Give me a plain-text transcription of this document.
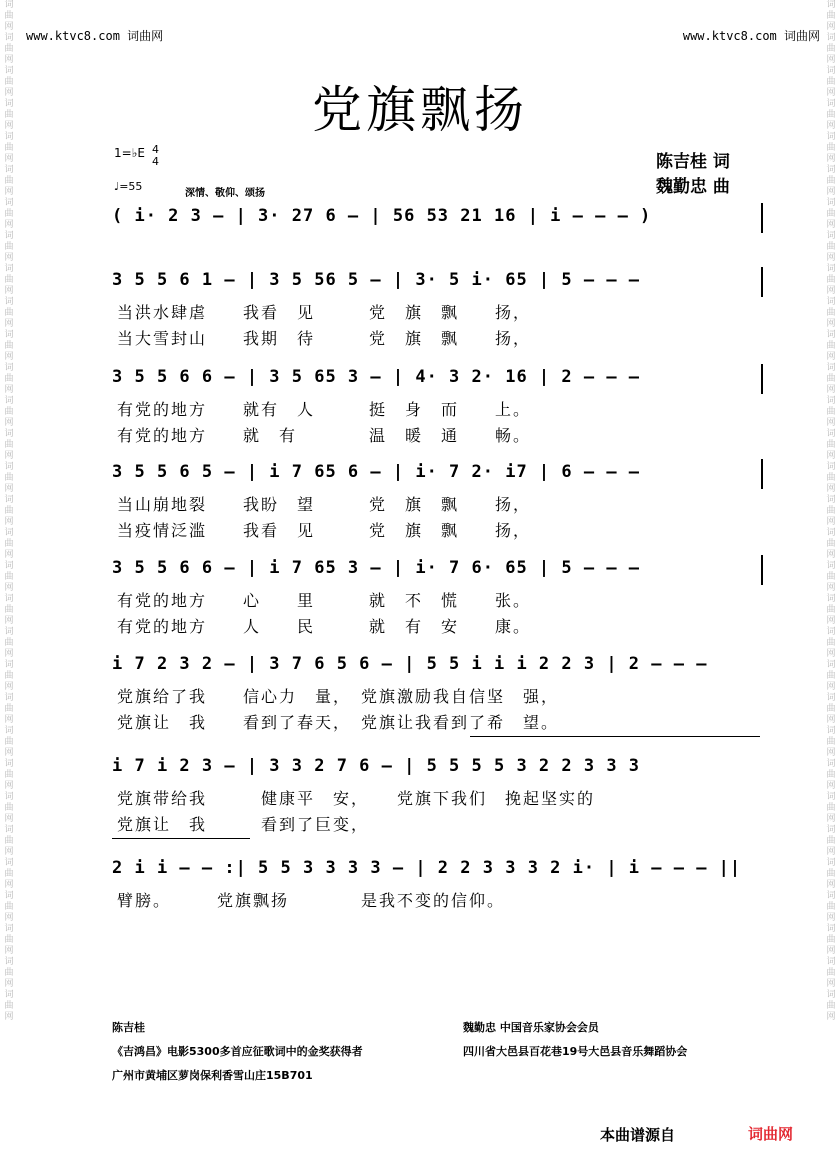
词曲网词曲网词曲网词曲网词曲网词曲网词曲网词曲网词曲网词曲网词曲网词曲网词曲网词曲网词曲网词曲网词曲网词曲网词曲网词曲网词曲网词曲网词曲网词曲网词曲网词曲网词曲网词曲网词曲网词曲网词曲网
词曲网词曲网词曲网词曲网词曲网词曲网词曲网词曲网词曲网词曲网词曲网词曲网词曲网词曲网词曲网词曲网词曲网词曲网词曲网词曲网词曲网词曲网词曲网词曲网词曲网词曲网词曲网词曲网词曲网词曲网词曲网
www.ktvc8.com 词曲网	www.ktvc8.com 词曲网
党旗飘扬
陈吉桂 词
魏勤忠 曲
1=♭E 4
4
♩=55
深情、敬仰、颂扬
( i· 2 3 – | 3· 27 6 – | 56 53 21 16 | i – – – )
3 5 5 6 1 – | 3 5 56 5 – | 3· 5 i· 65 | 5 – – –
当洪水肆虐　　我看　见　　　党　旗　飘　　扬，
当大雪封山　　我期　待　　　党　旗　飘　　扬，
3 5 5 6 6 – | 3 5 65 3 – | 4· 3 2· 16 | 2 – – –
有党的地方　　就有　人　　　挺　身　而　　上。
有党的地方　　就　有　　　　温　暖　通　　畅。
3 5 5 6 5 – | i 7 65 6 – | i· 7 2· i7 | 6 – – –
当山崩地裂　　我盼　望　　　党　旗　飘　　扬，
当疫情泛滥　　我看　见　　　党　旗　飘　　扬，
3 5 5 6 6 – | i 7 65 3 – | i· 7 6· 65 | 5 – – –
有党的地方　　心　　里　　　就　不　慌　　张。
有党的地方　　人　　民　　　就　有　安　　康。
i 7 2 3 2 – | 3 7 6 5 6 – | 5 5 i i i 2 2 3 | 2 – – –
党旗给了我　　信心力　量，　党旗激励我自信坚　强，
党旗让　我　　看到了春天，　党旗让我看到了希　望。
i 7 i 2 3 – | 3 3 2 7 6 – | 5 5 5 5 3 2 2 3 3 3
党旗带给我　　　健康平　安，　　党旗下我们　挽起坚实的
党旗让　我　　　看到了巨变，
2 i i – – :| 5 5 3 3 3 3 – | 2 2 3 3 3 2 i· | i – – – ||
臂膀。　　　党旗飘扬　　　　是我不变的信仰。
陈吉桂
《吉鸿昌》电影5300多首应征歌词中的金奖获得者
广州市黄埔区萝岗保利香雪山庄15B701
魏勤忠 中国音乐家协会会员
四川省大邑县百花巷19号大邑县音乐舞蹈协会
本曲谱源自	词曲网
